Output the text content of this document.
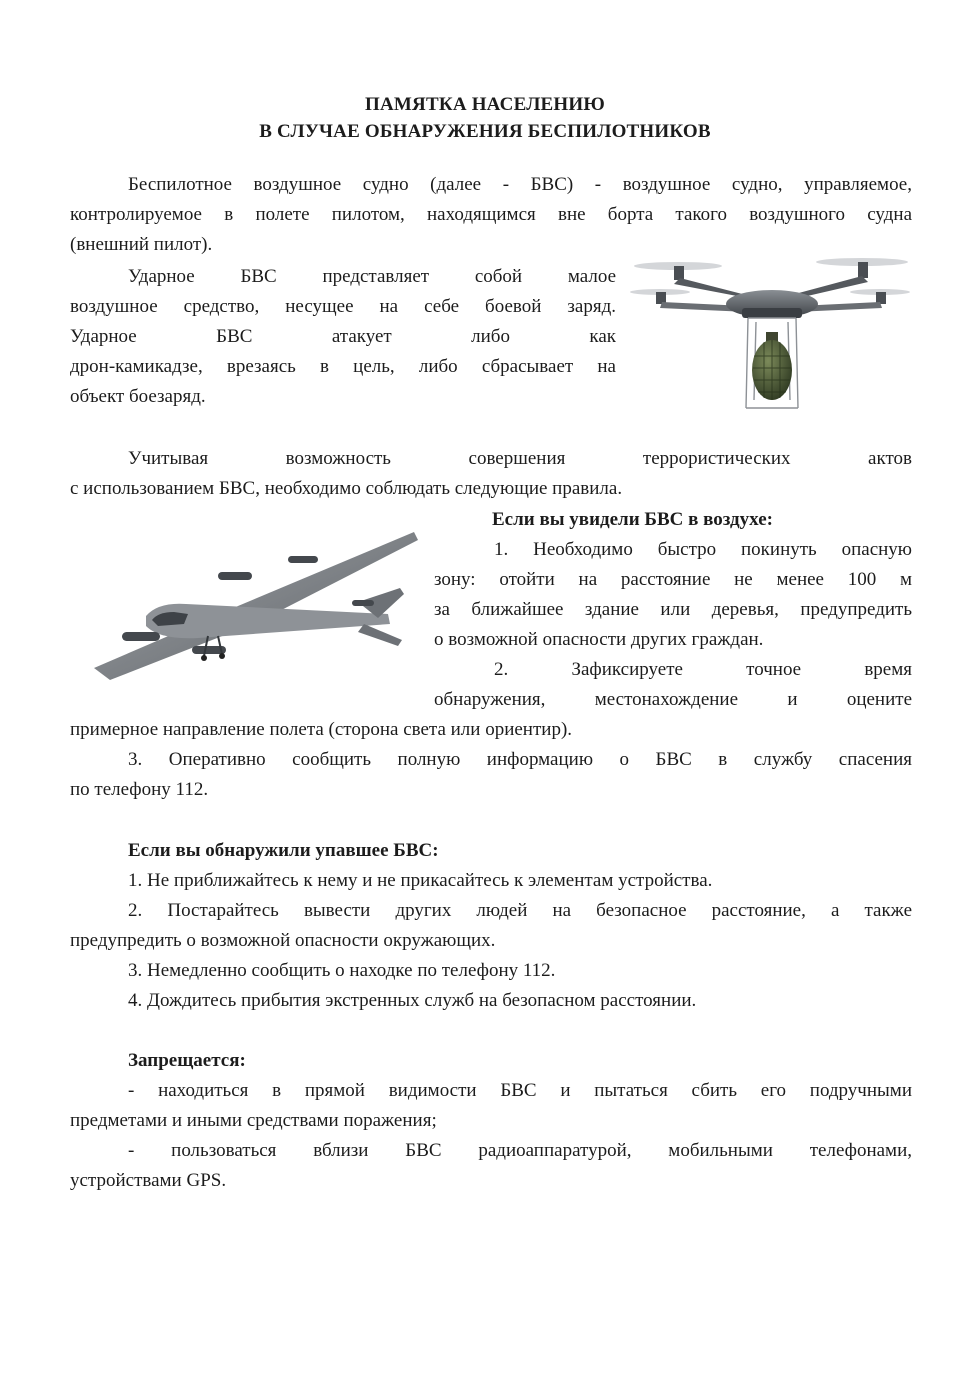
ПАМЯТКА НАСЕЛЕНИЮ
В СЛУЧАЕ ОБНАРУЖЕНИЯ БЕСПИЛОТНИКОВ
Беспилотное воздушное судно (далее - БВС) - воздушное судно, управляемое,
контролируемое в полете пилотом, находящимся вне борта такого воздушного судна
(внешний пилот).
Ударное БВС представляет собой малое
воздушное средство, несущее на себе боевой заряд.
Ударное БВС атакует либо как
дрон-камикадзе, врезаясь в цель, либо сбрасывает на
объект боезаряд.
Учитывая возможность совершения террористических актов
с использованием БВС, необходимо соблюдать следующие правила.
Если вы увидели БВС в воздухе:
1. Необходимо быстро покинуть опасную
зону: отойти на расстояние не менее 100 м
за ближайшее здание или деревья, предупредить
о возможной опасности других граждан.
2. Зафиксируете точное время
обнаружения, местонахождение и оцените
примерное направление полета (сторона света или ориентир).
3. Оперативно сообщить полную информацию о БВС в службу спасения
по телефону 112.
Если вы обнаружили упавшее БВС:
1. Не приближайтесь к нему и не прикасайтесь к элементам устройства.
2. Постарайтесь вывести других людей на безопасное расстояние, а также
предупредить о возможной опасности окружающих.
3. Немедленно сообщить о находке по телефону 112.
4. Дождитесь прибытия экстренных служб на безопасном расстоянии.
Запрещается:
- находиться в прямой видимости БВС и пытаться сбить его подручными
предметами и иными средствами поражения;
- пользоваться вблизи БВС радиоаппаратурой, мобильными телефонами,
устройствами GPS.
